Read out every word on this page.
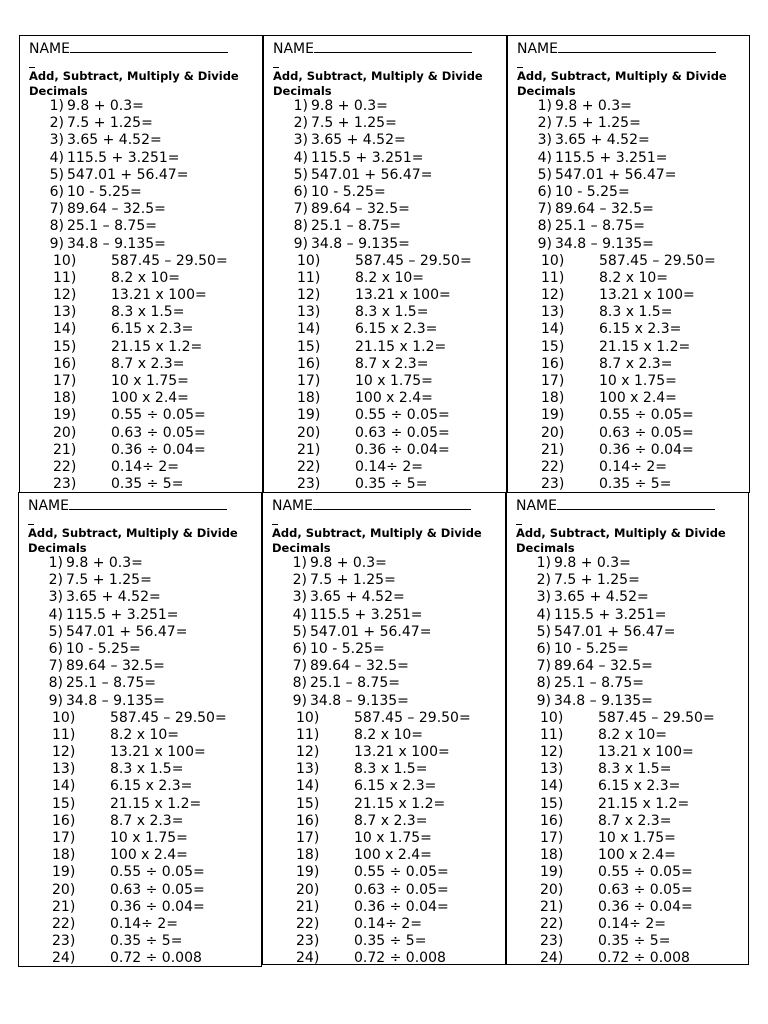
NAME
Add, Subtract, Multiply & Divide Decimals
1) 9.8 + 0.3=
2) 7.5 + 1.25=
3) 3.65 + 4.52=
4) 115.5 + 3.251=
5) 547.01 + 56.47=
6) 10 - 5.25=
7) 89.64 – 32.5=
8) 25.1 – 8.75=
9) 34.8 – 9.135=
10)	587.45 – 29.50=
11)	8.2 x 10=
12)	13.21 x 100=
13)	8.3 x 1.5=
14)	6.15 x 2.3=
15)	21.15 x 1.2=
16)	8.7 x 2.3=
17)	10 x 1.75=
18)	100 x 2.4=
19)	0.55 ÷ 0.05=
20)	0.63 ÷ 0.05=
21)	0.36 ÷ 0.04=
22)	0.14÷ 2=
23)	0.35 ÷ 5=
NAME
Add, Subtract, Multiply & Divide Decimals
1) 9.8 + 0.3=
2) 7.5 + 1.25=
3) 3.65 + 4.52=
4) 115.5 + 3.251=
5) 547.01 + 56.47=
6) 10 - 5.25=
7) 89.64 – 32.5=
8) 25.1 – 8.75=
9) 34.8 – 9.135=
10)	587.45 – 29.50=
11)	8.2 x 10=
12)	13.21 x 100=
13)	8.3 x 1.5=
14)	6.15 x 2.3=
15)	21.15 x 1.2=
16)	8.7 x 2.3=
17)	10 x 1.75=
18)	100 x 2.4=
19)	0.55 ÷ 0.05=
20)	0.63 ÷ 0.05=
21)	0.36 ÷ 0.04=
22)	0.14÷ 2=
23)	0.35 ÷ 5=
NAME
Add, Subtract, Multiply & Divide Decimals
1) 9.8 + 0.3=
2) 7.5 + 1.25=
3) 3.65 + 4.52=
4) 115.5 + 3.251=
5) 547.01 + 56.47=
6) 10 - 5.25=
7) 89.64 – 32.5=
8) 25.1 – 8.75=
9) 34.8 – 9.135=
10)	587.45 – 29.50=
11)	8.2 x 10=
12)	13.21 x 100=
13)	8.3 x 1.5=
14)	6.15 x 2.3=
15)	21.15 x 1.2=
16)	8.7 x 2.3=
17)	10 x 1.75=
18)	100 x 2.4=
19)	0.55 ÷ 0.05=
20)	0.63 ÷ 0.05=
21)	0.36 ÷ 0.04=
22)	0.14÷ 2=
23)	0.35 ÷ 5=
NAME
Add, Subtract, Multiply & Divide Decimals
1) 9.8 + 0.3=
2) 7.5 + 1.25=
3) 3.65 + 4.52=
4) 115.5 + 3.251=
5) 547.01 + 56.47=
6) 10 - 5.25=
7) 89.64 – 32.5=
8) 25.1 – 8.75=
9) 34.8 – 9.135=
10)	587.45 – 29.50=
11)	8.2 x 10=
12)	13.21 x 100=
13)	8.3 x 1.5=
14)	6.15 x 2.3=
15)	21.15 x 1.2=
16)	8.7 x 2.3=
17)	10 x 1.75=
18)	100 x 2.4=
19)	0.55 ÷ 0.05=
20)	0.63 ÷ 0.05=
21)	0.36 ÷ 0.04=
22)	0.14÷ 2=
23)	0.35 ÷ 5=
24)	0.72 ÷ 0.008
NAME
Add, Subtract, Multiply & Divide Decimals
1) 9.8 + 0.3=
2) 7.5 + 1.25=
3) 3.65 + 4.52=
4) 115.5 + 3.251=
5) 547.01 + 56.47=
6) 10 - 5.25=
7) 89.64 – 32.5=
8) 25.1 – 8.75=
9) 34.8 – 9.135=
10)	587.45 – 29.50=
11)	8.2 x 10=
12)	13.21 x 100=
13)	8.3 x 1.5=
14)	6.15 x 2.3=
15)	21.15 x 1.2=
16)	8.7 x 2.3=
17)	10 x 1.75=
18)	100 x 2.4=
19)	0.55 ÷ 0.05=
20)	0.63 ÷ 0.05=
21)	0.36 ÷ 0.04=
22)	0.14÷ 2=
23)	0.35 ÷ 5=
24)	0.72 ÷ 0.008
NAME
Add, Subtract, Multiply & Divide Decimals
1) 9.8 + 0.3=
2) 7.5 + 1.25=
3) 3.65 + 4.52=
4) 115.5 + 3.251=
5) 547.01 + 56.47=
6) 10 - 5.25=
7) 89.64 – 32.5=
8) 25.1 – 8.75=
9) 34.8 – 9.135=
10)	587.45 – 29.50=
11)	8.2 x 10=
12)	13.21 x 100=
13)	8.3 x 1.5=
14)	6.15 x 2.3=
15)	21.15 x 1.2=
16)	8.7 x 2.3=
17)	10 x 1.75=
18)	100 x 2.4=
19)	0.55 ÷ 0.05=
20)	0.63 ÷ 0.05=
21)	0.36 ÷ 0.04=
22)	0.14÷ 2=
23)	0.35 ÷ 5=
24)	0.72 ÷ 0.008
